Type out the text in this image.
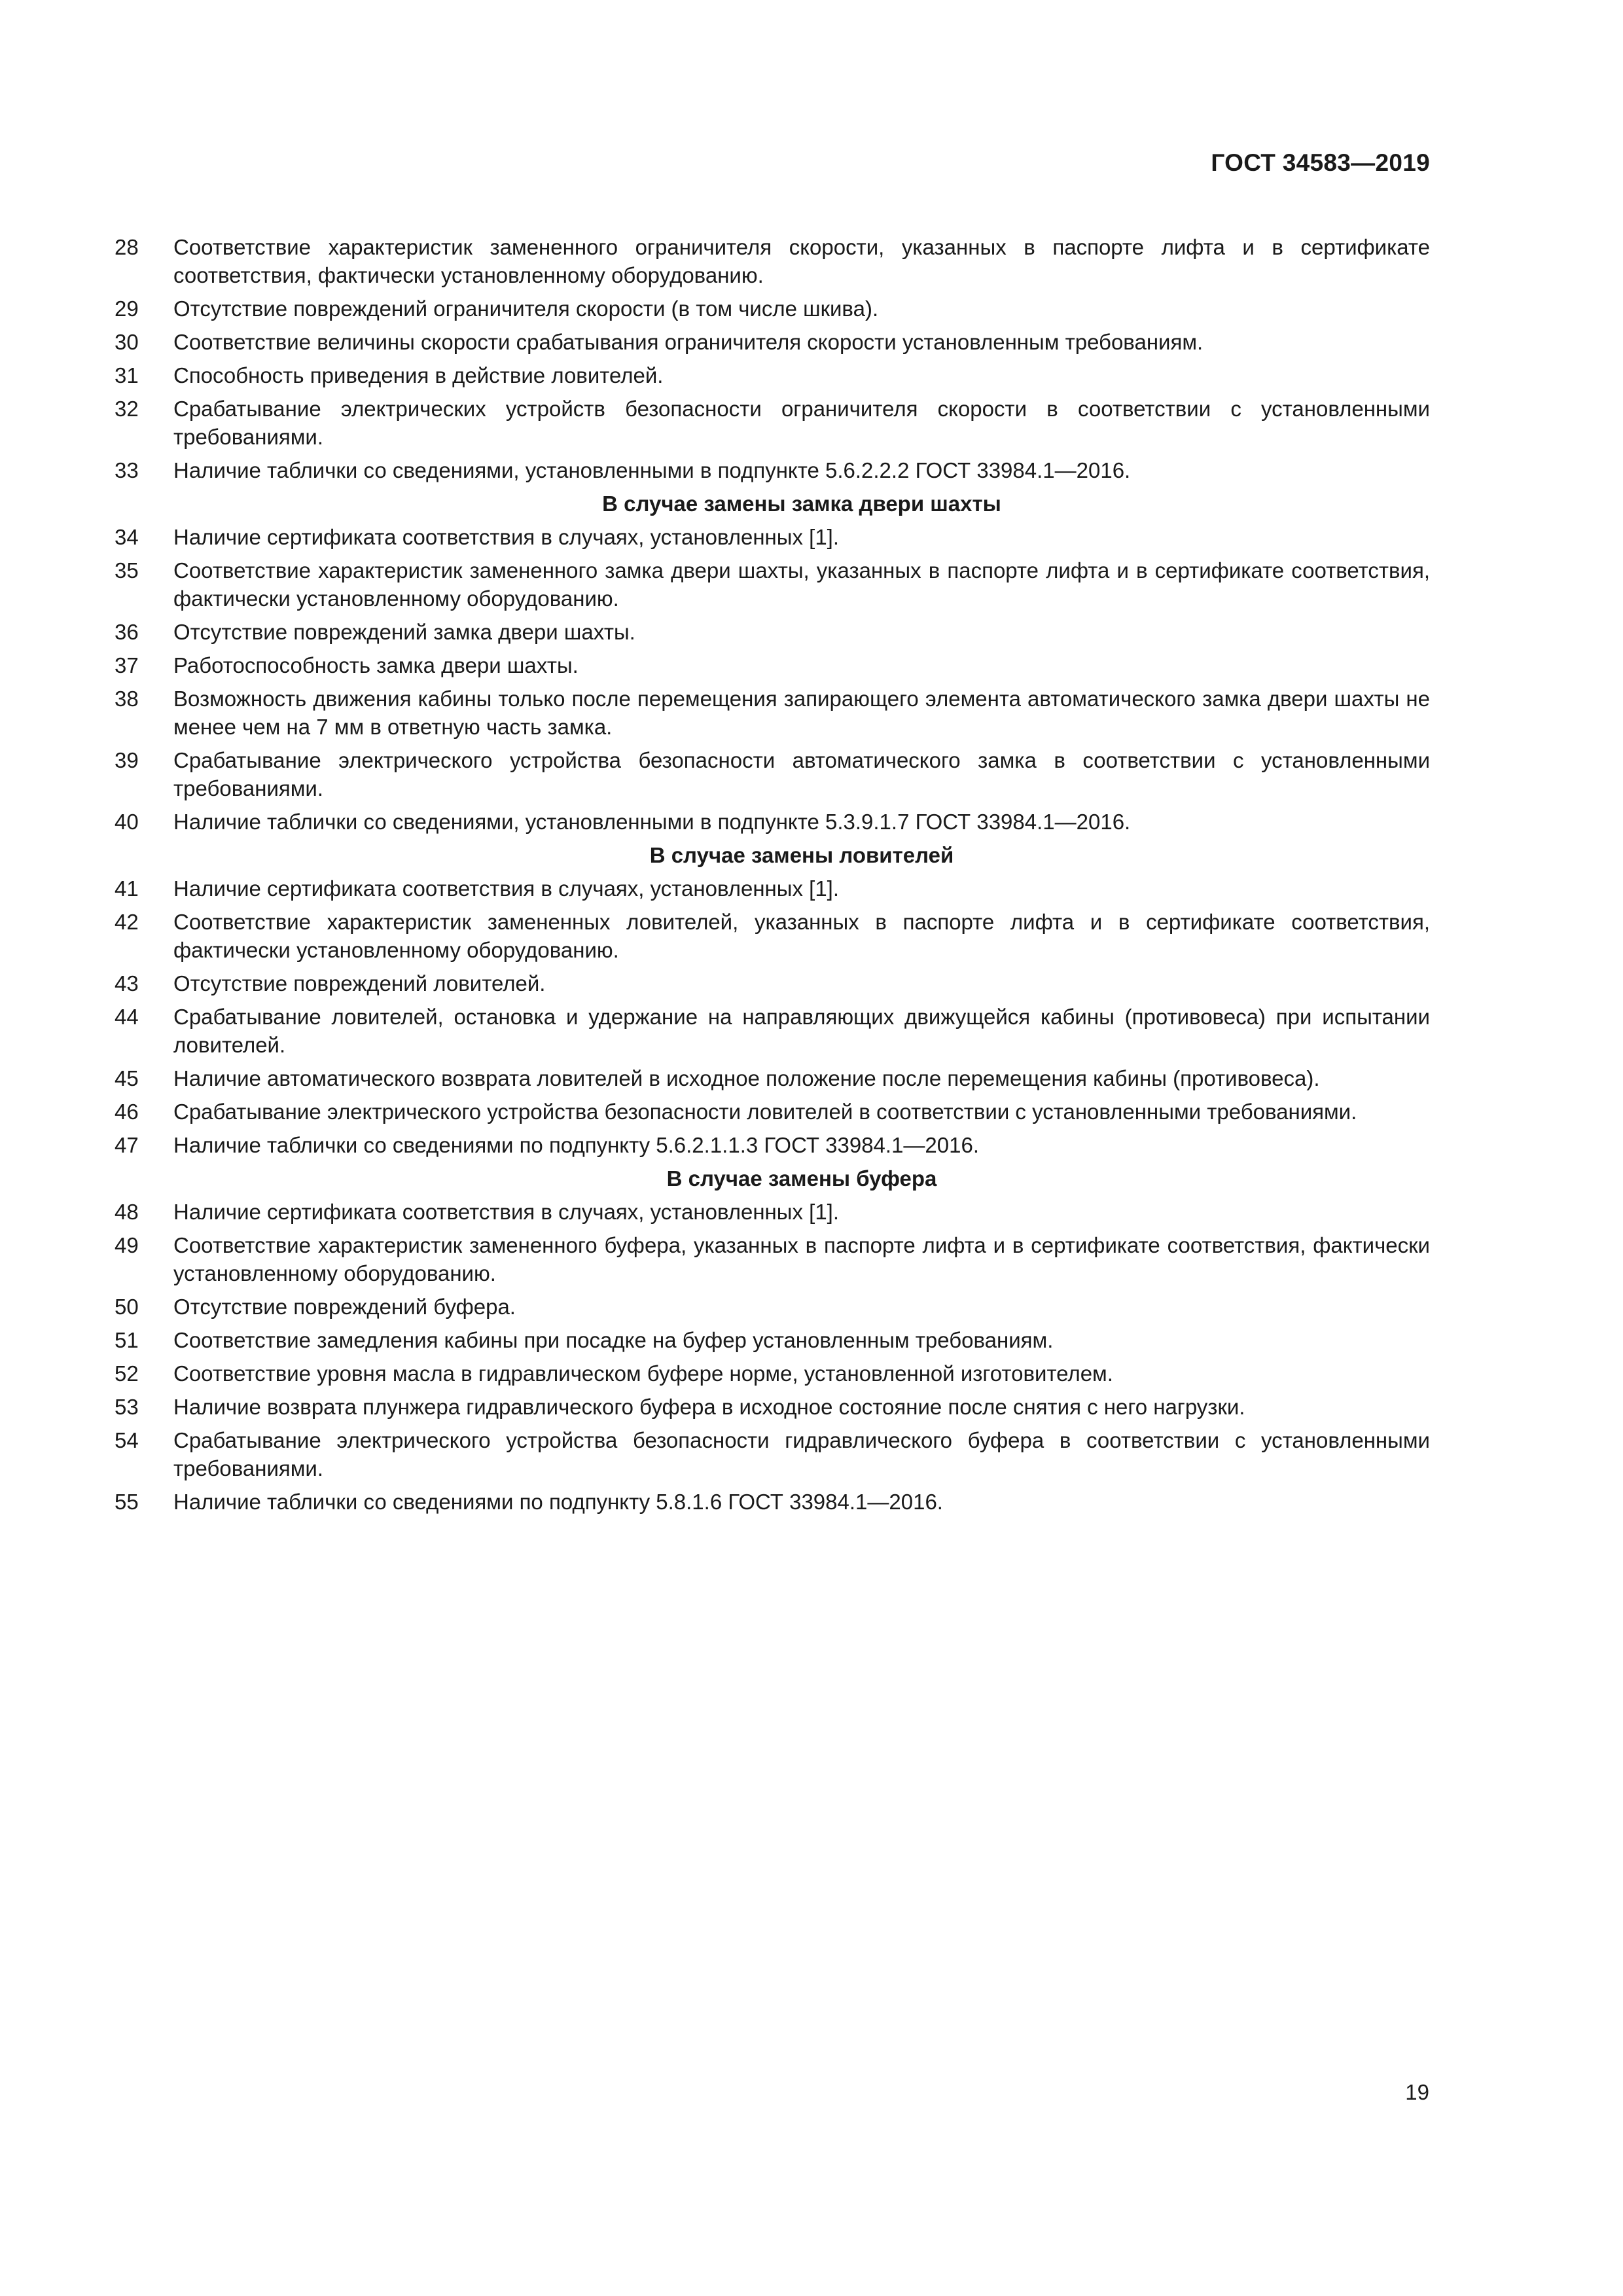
ГОСТ 34583—2019
28	Соответствие характеристик замененного ограничителя скорости, указанных в паспорте лифта и в сертификате соответствия, фактически установленному оборудованию.
29	Отсутствие повреждений ограничителя скорости (в том числе шкива).
30	Соответствие величины скорости срабатывания ограничителя скорости установленным требованиям.
31	Способность приведения в действие ловителей.
32	Срабатывание электрических устройств безопасности ограничителя скорости в соответствии с установленными требованиями.
33	Наличие таблички со сведениями, установленными в подпункте 5.6.2.2.2 ГОСТ 33984.1—2016.
В случае замены замка двери шахты
34	Наличие сертификата соответствия в случаях, установленных [1].
35	Соответствие характеристик замененного замка двери шахты, указанных в паспорте лифта и в сертификате соответствия, фактически установленному оборудованию.
36	Отсутствие повреждений замка двери шахты.
37	Работоспособность замка двери шахты.
38	Возможность движения кабины только после перемещения запирающего элемента автоматического замка двери шахты не менее чем на 7 мм в ответную часть замка.
39	Срабатывание электрического устройства безопасности автоматического замка в соответствии с установленными требованиями.
40	Наличие таблички со сведениями, установленными в подпункте 5.3.9.1.7 ГОСТ 33984.1—2016.
В случае замены ловителей
41	Наличие сертификата соответствия в случаях, установленных [1].
42	Соответствие характеристик замененных ловителей, указанных в паспорте лифта и в сертификате соответствия, фактически установленному оборудованию.
43	Отсутствие повреждений ловителей.
44	Срабатывание ловителей, остановка и удержание на направляющих движущейся кабины (противовеса) при испытании ловителей.
45	Наличие автоматического возврата ловителей в исходное положение после перемещения кабины (противовеса).
46	Срабатывание электрического устройства безопасности ловителей в соответствии с установленными требованиями.
47	Наличие таблички со сведениями по подпункту 5.6.2.1.1.3 ГОСТ 33984.1—2016.
В случае замены буфера
48	Наличие сертификата соответствия в случаях, установленных [1].
49	Соответствие характеристик замененного буфера, указанных в паспорте лифта и в сертификате соответствия, фактически установленному оборудованию.
50	Отсутствие повреждений буфера.
51	Соответствие замедления кабины при посадке на буфер установленным требованиям.
52	Соответствие уровня масла в гидравлическом буфере норме, установленной изготовителем.
53	Наличие возврата плунжера гидравлического буфера в исходное состояние после снятия с него нагрузки.
54	Срабатывание электрического устройства безопасности гидравлического буфера в соответствии с установленными требованиями.
55	Наличие таблички со сведениями по подпункту 5.8.1.6 ГОСТ 33984.1—2016.
19
